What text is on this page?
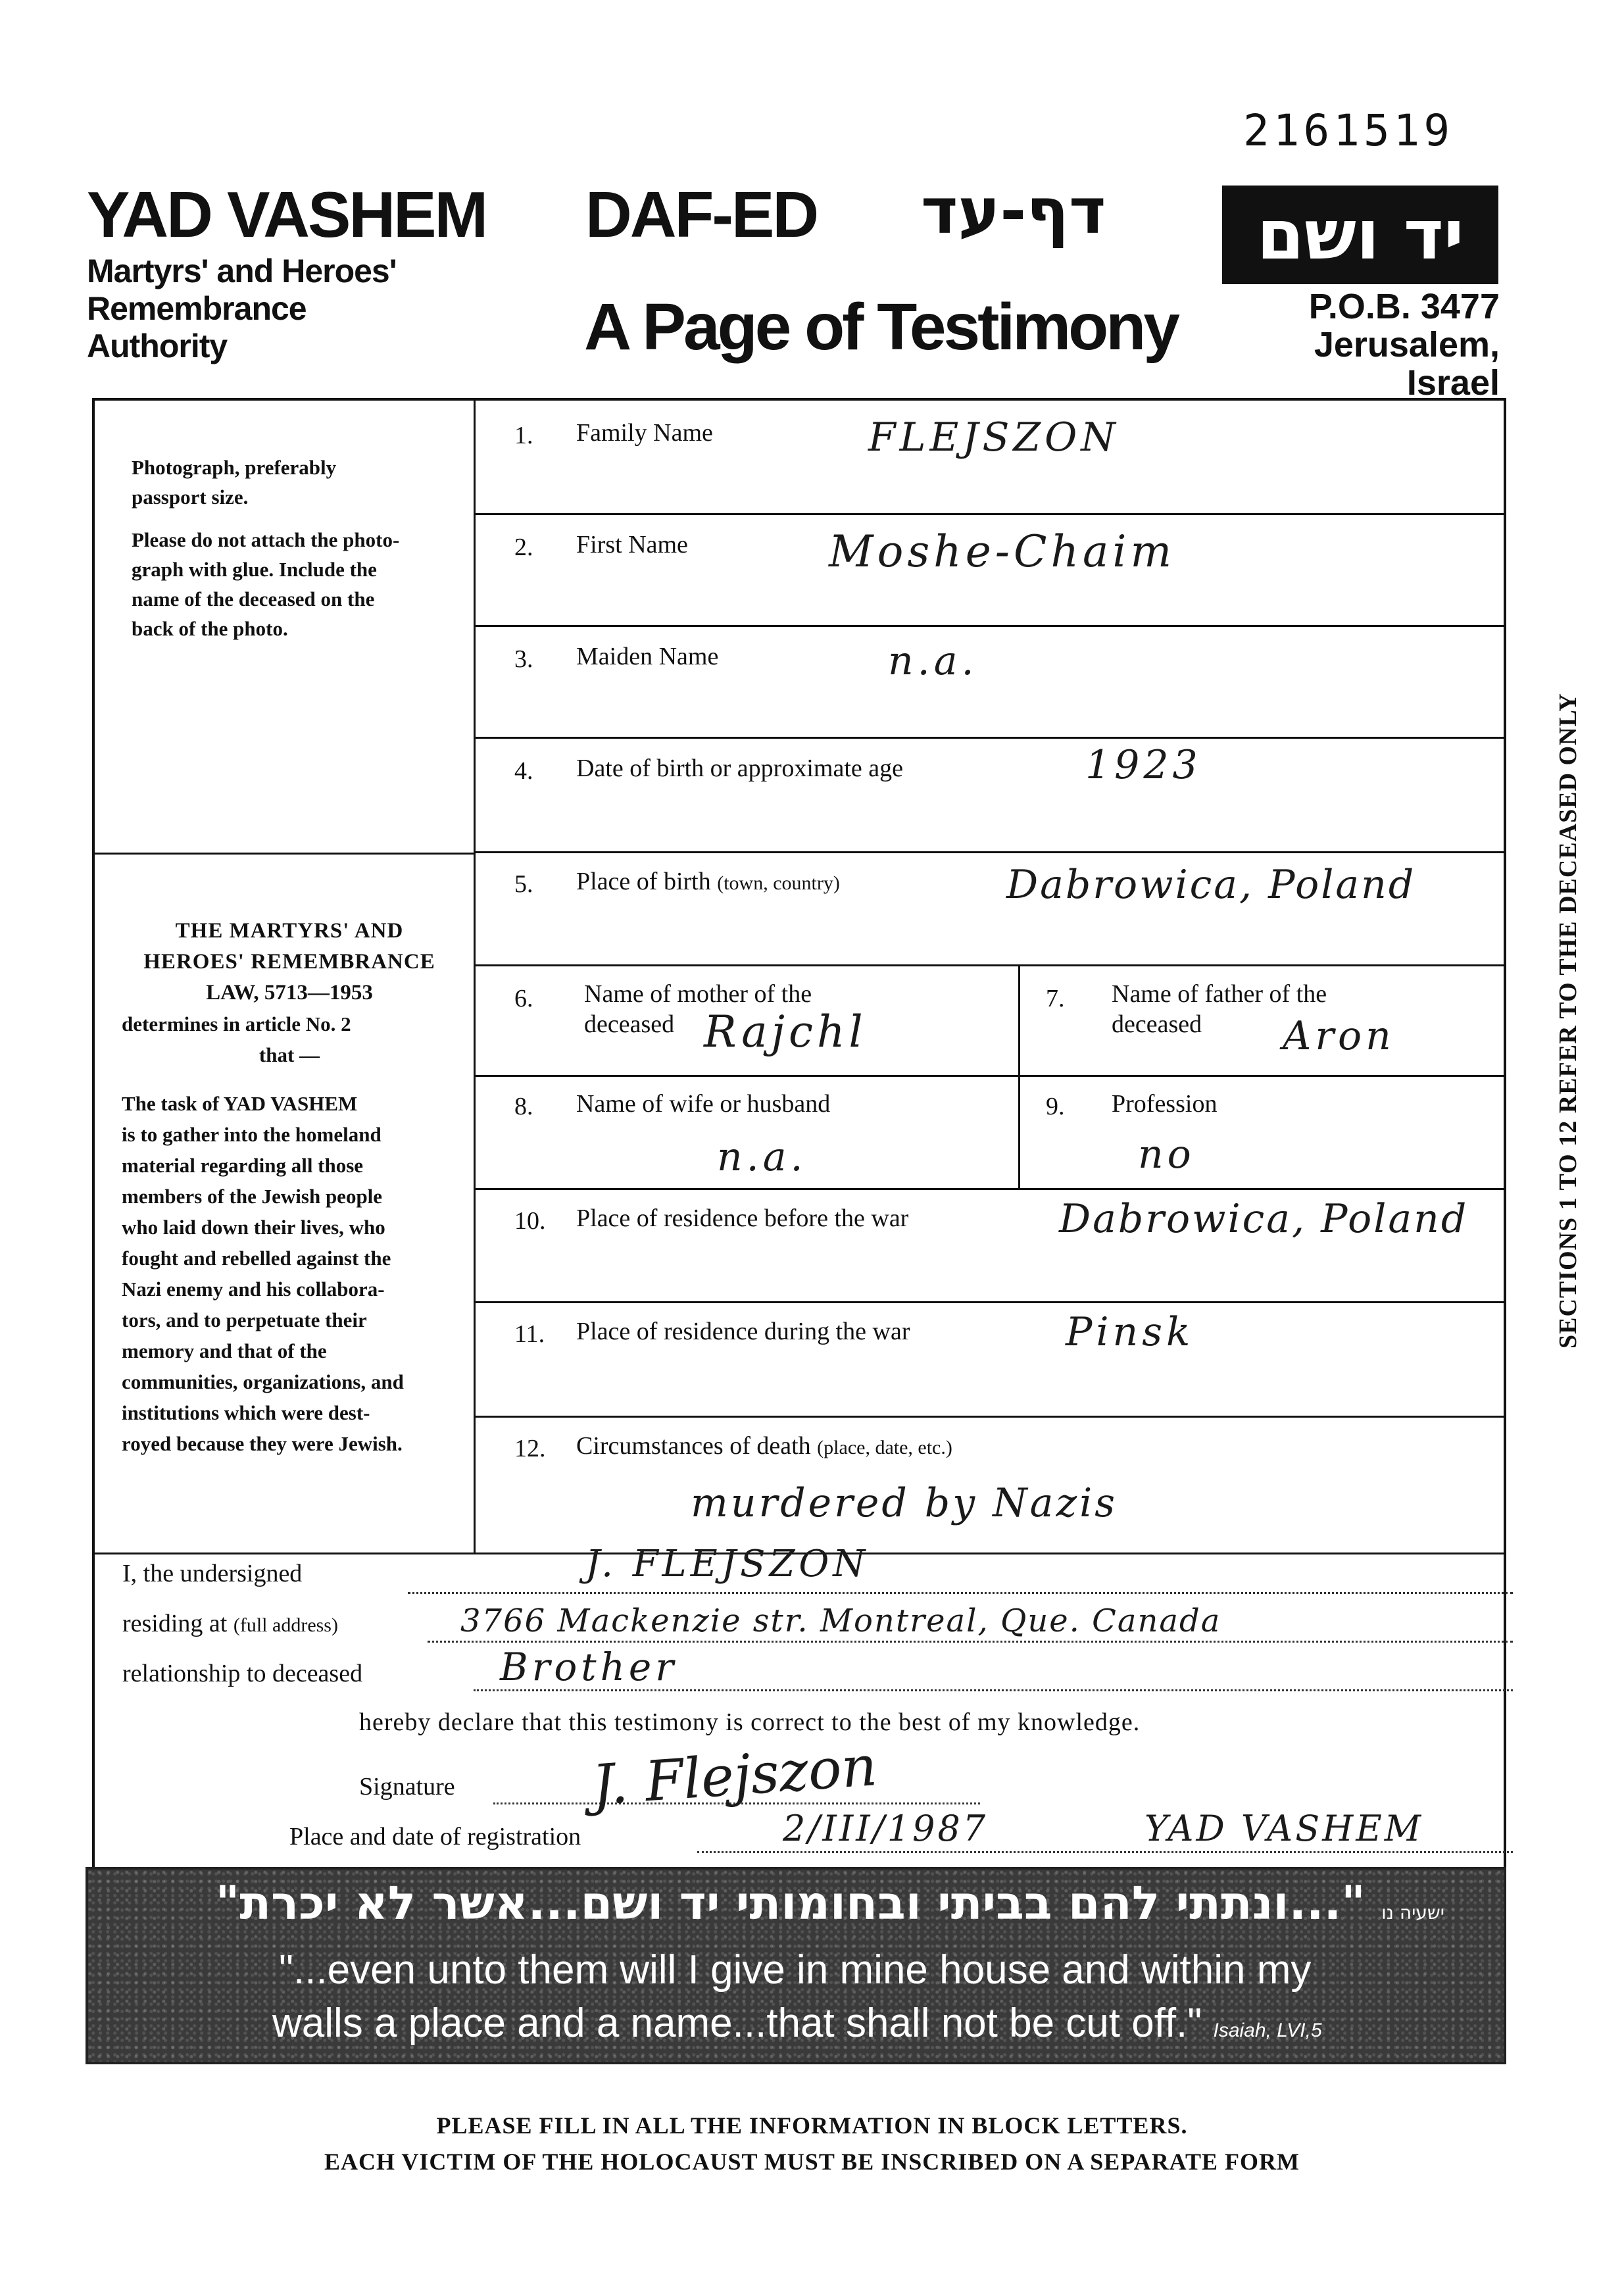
2161519
YAD VASHEM
Martyrs' and Heroes'
Remembrance
Authority
DAF-ED דף-עד
A Page of Testimony
יד ושם
P.O.B. 3477
Jerusalem, Israel
Photograph, preferably
passport size.
Please do not attach the photo-
graph with glue. Include the
name of the deceased on the
back of the photo.
THE MARTYRS' AND
HEROES' REMEMBRANCE
LAW, 5713—1953
determines in article No. 2
that —
The task of YAD VASHEM
is to gather into the homeland
material regarding all those
members of the Jewish people
who laid down their lives, who
fought and rebelled against the
Nazi enemy and his collabora-
tors, and to perpetuate their
memory and that of the
communities, organizations, and
institutions which were dest-
royed because they were Jewish.
1. Family Name	FLEJSZON
2. First Name	Moshe-Chaim
3. Maiden Name	n.a.
4. Date of birth or approximate age	1923
5. Place of birth (town, country)	Dabrowica, Poland
6. Name of mother of the
deceased Rajchl
7. Name of father of the
deceased	Aron
8. Name of wife or husband
n.a.
9. Profession
no
10. Place of residence before the war	Dabrowica, Poland
11. Place of residence during the war	Pinsk
12. Circumstances of death (place, date, etc.)
murdered by Nazis
I, the undersigned	J. FLEJSZON
residing at (full address)	3766 Mackenzie str. Montreal, Que. Canada
relationship to deceased	Brother
hereby declare that this testimony is correct to the best of my knowledge.
Signature J. Flejszon
Place and date of registration	2/III/1987	YAD VASHEM
SECTIONS 1 TO 12 REFER TO THE DECEASED ONLY
ישעיה נו "...ונתתי להם בביתי ובחומותי יד ושם...אשר לא יכרת"
"...even unto them will I give in mine house and within my
walls a place and a name...that shall not be cut off." Isaiah, LVI,5
PLEASE FILL IN ALL THE INFORMATION IN BLOCK LETTERS.
EACH VICTIM OF THE HOLOCAUST MUST BE INSCRIBED ON A SEPARATE FORM
